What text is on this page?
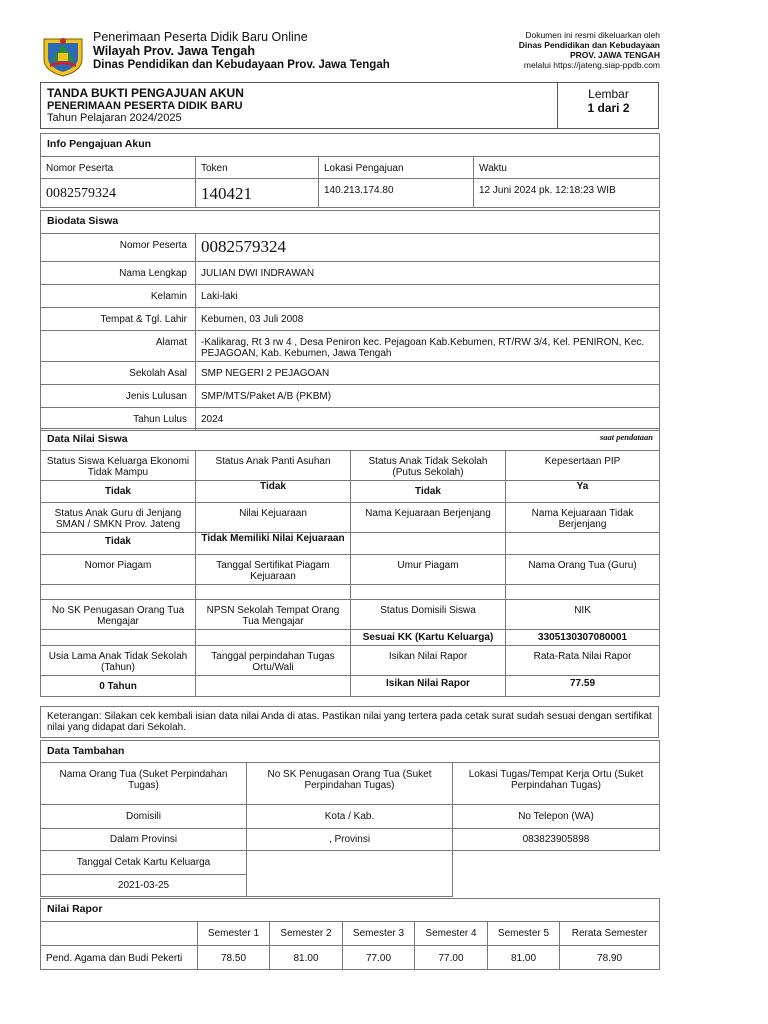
Penerimaan Peserta Didik Baru Online
Wilayah Prov. Jawa Tengah
Dinas Pendidikan dan Kebudayaan Prov. Jawa Tengah
Dokumen ini resmi dikeluarkan oleh
Dinas Pendidikan dan Kebudayaan
PROV. JAWA TENGAH
melalui https://jateng.siap-ppdb.com
TANDA BUKTI PENGAJUAN AKUN
PENERIMAAN PESERTA DIDIK BARU
Tahun Pelajaran 2024/2025
Lembar
1 dari 2
Info Pengajuan Akun			
Nomor Peserta	Token	Lokasi Pengajuan	Waktu
0082579324	140421	140.213.174.80	12 Juni 2024 pk. 12:18:23 WIB
Biodata Siswa	
Nomor Peserta	0082579324
Nama Lengkap	JULIAN DWI INDRAWAN
Kelamin	Laki-laki
Tempat & Tgl. Lahir	Kebumen, 03 Juli 2008
Alamat	-Kalikarag, Rt 3 rw 4 , Desa Peniron kec. Pejagoan Kab.Kebumen, RT/RW 3/4, Kel. PENIRON, Kec. PEJAGOAN, Kab. Kebumen, Jawa Tengah
Sekolah Asal	SMP NEGERI 2 PEJAGOAN
Jenis Lulusan	SMP/MTS/Paket A/B (PKBM)
Tahun Lulus	2024
Data Nilai Siswa saat pendataan			

Status Siswa Keluarga Ekonomi Tidak Mampu	Status Anak Panti Asuhan	Status Anak Tidak Sekolah (Putus Sekolah)	Kepesertaan PIP
Tidak	Tidak	Tidak	Ya
Status Anak Guru di Jenjang SMAN / SMKN Prov. Jateng	Nilai Kejuaraan	Nama Kejuaraan Berjenjang	Nama Kejuaraan Tidak Berjenjang
Tidak	Tidak Memiliki Nilai Kejuaraan		
Nomor Piagam	Tanggal Sertifikat Piagam Kejuaraan	Umur Piagam	Nama Orang Tua (Guru)

No SK Penugasan Orang Tua Mengajar	NPSN Sekolah Tempat Orang Tua Mengajar	Status Domisili Siswa	NIK
		Sesuai KK (Kartu Keluarga)	3305130307080001
Usia Lama Anak Tidak Sekolah (Tahun)	Tanggal perpindahan Tugas Ortu/Wali	Isikan Nilai Rapor	Rata-Rata Nilai Rapor
0 Tahun		Isikan Nilai Rapor	77.59
Keterangan: Silakan cek kembali isian data nilai Anda di atas. Pastikan nilai yang tertera pada cetak surat sudah sesuai dengan sertifikat nilai yang didapat dari Sekolah.
Data Tambahan		
Nama Orang Tua (Suket Perpindahan Tugas)	No SK Penugasan Orang Tua (Suket Perpindahan Tugas)	Lokasi Tugas/Tempat Kerja Ortu (Suket Perpindahan Tugas)
Domisili	Kota / Kab.	No Telepon (WA)
Dalam Provinsi	, Provinsi	083823905898
Tanggal Cetak Kartu Keluarga		
2021-03-25		
Nilai Rapor						
	Semester 1	Semester 2	Semester 3	Semester 4	Semester 5	Rerata Semester
Pend. Agama dan Budi Pekerti	78.50	81.00	77.00	77.00	81.00	78.90
